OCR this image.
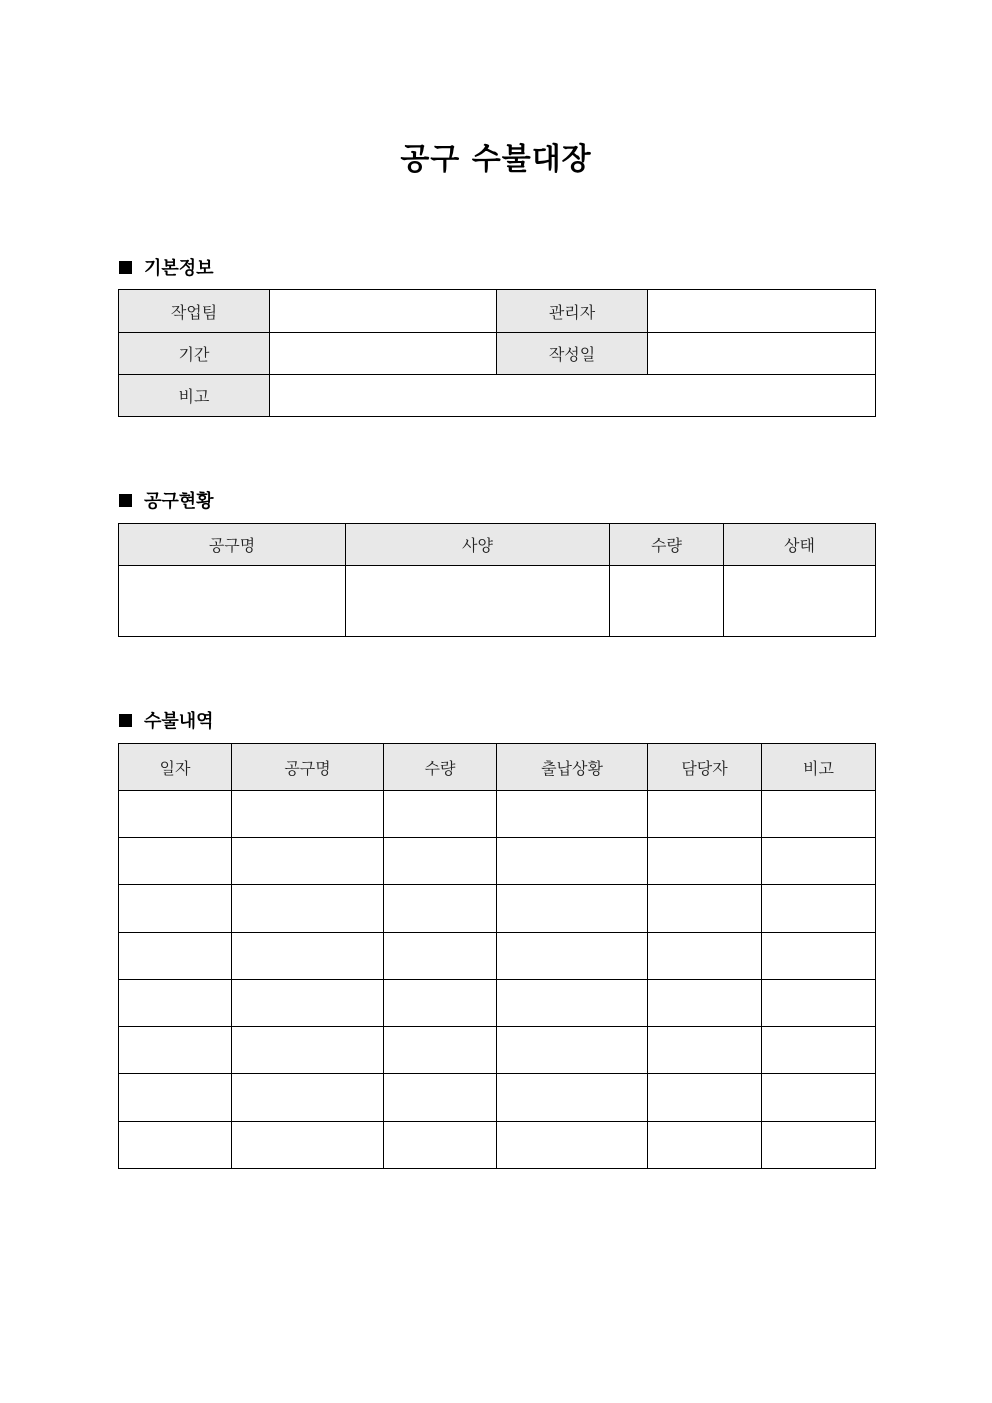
공구 수불대장
기본정보
작업팀		관리자	
기간		작성일	
비고			
공구현황
공구명	사양	수량	상태

수불내역
일자	공구명	수량	출납상황	담당자	비고
